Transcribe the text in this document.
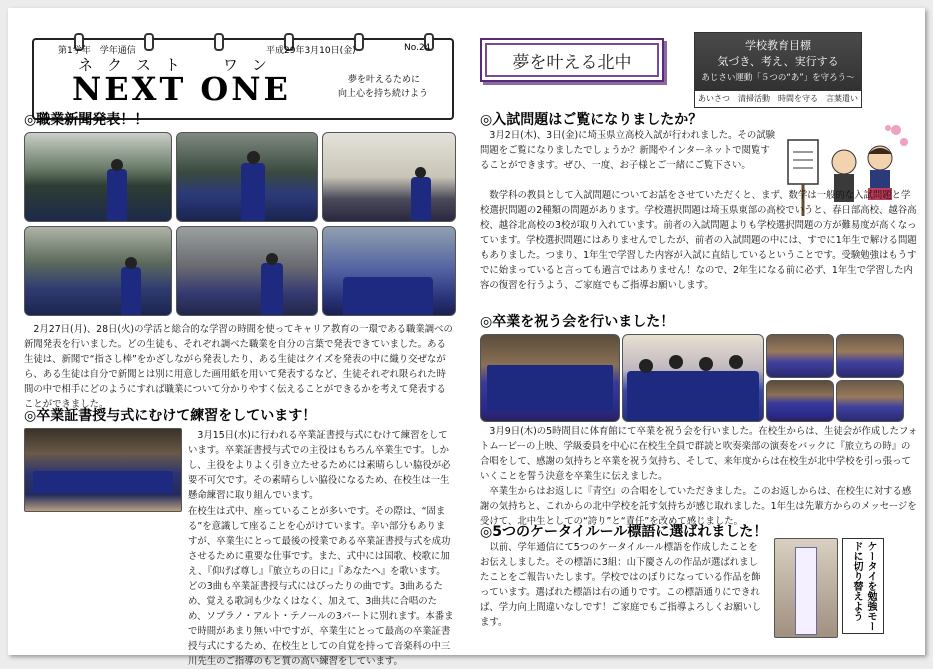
第1学年　学年通信	平成29年3月10日(金)	No.24
ネクスト　ワン
NEXT ONE	夢を叶えるために
向上心を持ち続けよう
◎職業新聞発表！！

2月27日(月)、28日(火)の学活と総合的な学習の時間を使ってキャリア教育の一環である職業調べの新聞発表を行いました。どの生徒も、それぞれ調べた職業を自分の言葉で発表できていました。ある生徒は、新聞で“指さし棒”をかざしながら発表したり、ある生徒はクイズを発表の中に織り交ぜながら、ある生徒は自分で新聞とは別に用意した画用紙を用いて発表するなど、生徒それぞれ限られた時間の中で相手にどのようにすれば職業について分かりやすく伝えることができるかを考えて発表することができました。

◎卒業証書授与式にむけて練習をしています！

3月15日(水)に行われる卒業証書授与式にむけて練習をしています。卒業証書授与式での主役はもちろん卒業生です。しかし、主役をよりよく引き立たせるためには素晴らしい脇役が必要不可欠です。その素晴らしい脇役になるため、在校生は一生懸命練習に取り組んでいます。

在校生は式中、座っていることが多いです。その際は、“固まる”を意識して座ることを心がけています。辛い部分もありますが、卒業生にとって最後の授業である卒業証書授与式を成功させるために重要な仕事です。また、式中には国歌、校歌に加え、『仰げば尊し』『旅立ちの日に』『あなたへ』を歌います。どの3曲も卒業証書授与式にはぴったりの曲です。3曲あるため、覚える歌詞も少なくはなく、加えて、3曲共に合唱のため、ソプラノ・アルト・テノールの3パートに別れます。本番まで時間があまり無い中ですが、卒業生にとって最高の卒業証書授与式にするため、在校生としての自覚を持って音楽科の中三川先生のご指導のもと質の高い練習をしています。

夢を叶える北中
学校教育目標
気づき、考え、実行する
あじさい運動「５つの“あ”」を守ろう～
あいさつ　清掃活動　時間を守る　言葉遣い
◎入試問題はご覧になりましたか？

3月2日(木)、3日(金)に埼玉県立高校入試が行われました。その試験問題をご覧になりましたでしょうか？新聞やインターネットで閲覧することができます。ぜひ、一度、お子様とご一緒にご覧下さい。

数学科の教員として入試問題についてお話をさせていただくと、まず、数学は一般的な入試問題と学校選択問題の2種類の問題があります。学校選択問題は埼玉県東部の高校でいうと、春日部高校、越谷高校、越谷北高校の3校が取り入れています。前者の入試問題よりも学校選択問題の方が難易度が高くなっています。学校選択問題にはありませんでしたが、前者の入試問題の中には、すでに1年生で解ける問題もありました。つまり、1年生で学習した内容が入試に直結しているということです。受験勉強はもうすでに始まっていると言っても過言ではありません！なので、2年生になる前に必ず、1年生で学習した内容の復習を行うよう、ご家庭でもご指導お願いします。

◎卒業を祝う会を行いました！

3月9日(木)の5時間目に体育館にて卒業を祝う会を行いました。在校生からは、生徒会が作成したフォトムービーの上映、学級委員を中心に在校生全員で群読と吹奏楽部の演奏をバックに『旅立ちの時』の合唱をして、感謝の気持ちと卒業を祝う気持ち、そして、来年度からは在校生が北中学校を引っ張っていくことを誓う決意を卒業生に伝えました。

卒業生からはお返しに『青空』の合唱をしていただきました。このお返しからは、在校生に対する感謝の気持ちと、これからの北中学校を託す気持ちが感じ取れました。1年生は先輩方からのメッセージを受けて、北中生としての“誇り”と“責任”を改めて感じました。

◎5つのケータイルール標語に選ばれました！

以前、学年通信にて5つのケータイルール標語を作成したことをお伝えしました。その標語に3組：山下慶さんの作品が選ばれましたことをご報告いたします。学校ではのぼりになっている作品を飾っています。選ばれた標語は右の通りです。この標語通りにできれば、学力向上間違いなしです！ご家庭でもご指導よろしくお願いします。	ケータイを勉強モードに切り替えよう
